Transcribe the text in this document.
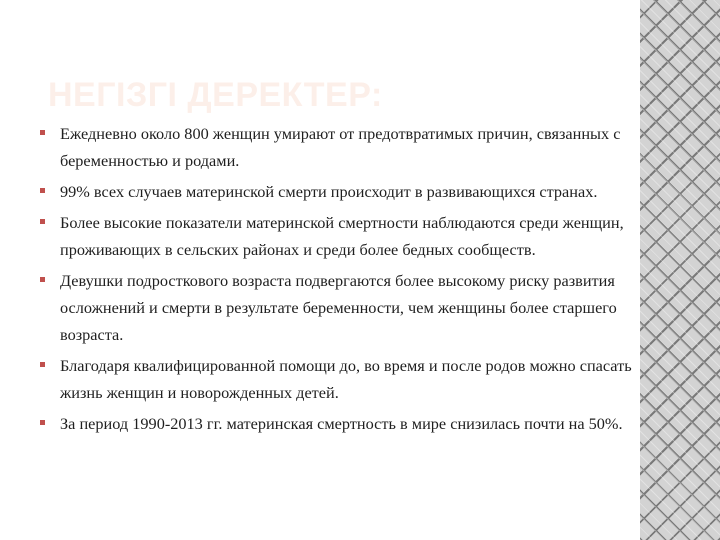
НЕГІЗГІ ДЕРЕКТЕР:
Ежедневно около 800 женщин умирают от предотвратимых причин, связанных с беременностью и родами.
99% всех случаев материнской смерти происходит в развивающихся странах.
Более высокие показатели материнской смертности наблюдаются среди женщин, проживающих в сельских районах и среди более бедных сообществ.
Девушки подросткового возраста подвергаются более высокому риску развития осложнений и смерти в результате беременности, чем женщины более старшего возраста.
Благодаря квалифицированной помощи до, во время и после родов можно спасать жизнь женщин и новорожденных детей.
За период 1990-2013 гг. материнская смертность в мире снизилась почти на 50%.
